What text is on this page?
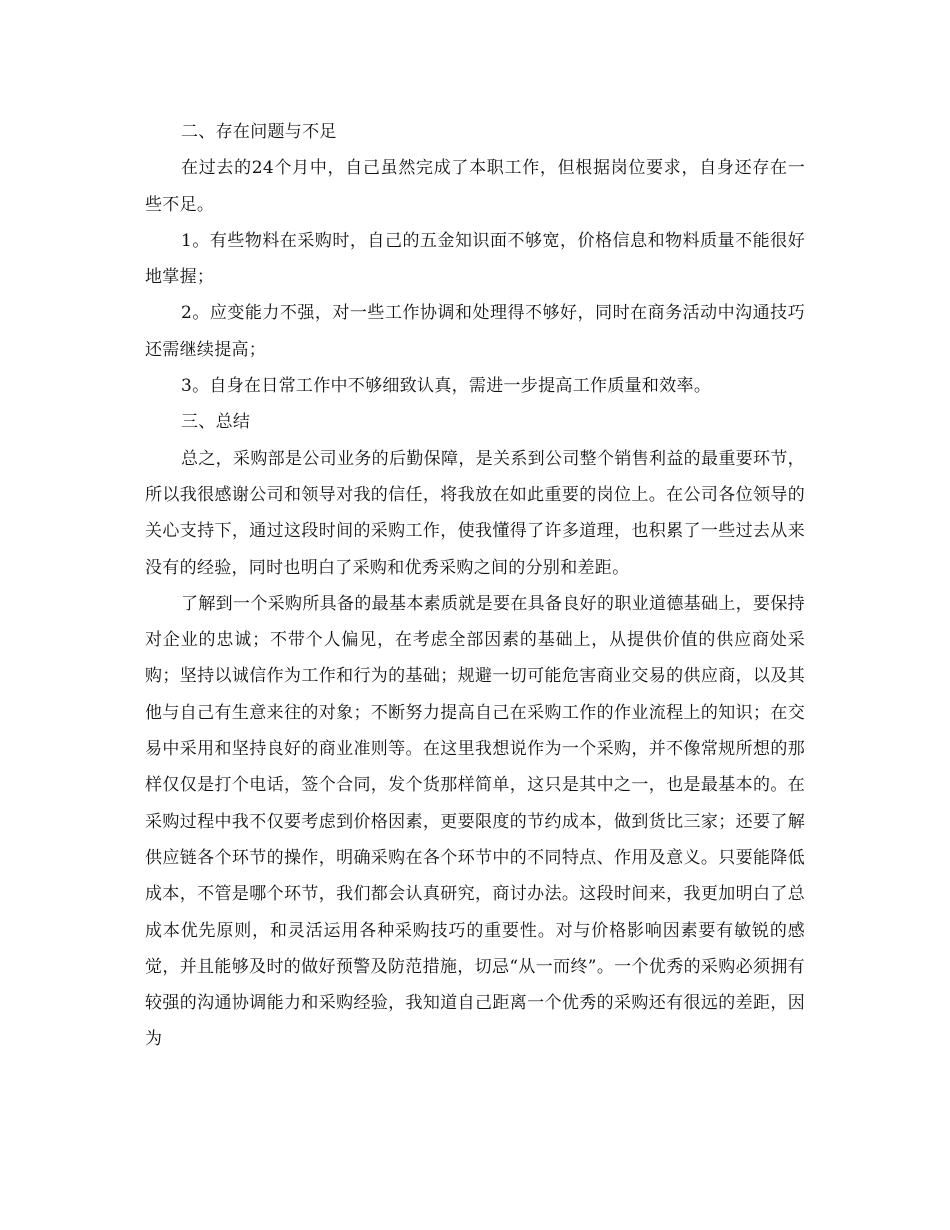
二、存在问题与不足

在过去的24个月中，自己虽然完成了本职工作，但根据岗位要求，自身还存在一些不足。

1。有些物料在采购时，自己的五金知识面不够宽，价格信息和物料质量不能很好地掌握；

2。应变能力不强，对一些工作协调和处理得不够好，同时在商务活动中沟通技巧还需继续提高；

3。自身在日常工作中不够细致认真，需进一步提高工作质量和效率。

三、总结

总之，采购部是公司业务的后勤保障，是关系到公司整个销售利益的最重要环节，所以我很感谢公司和领导对我的信任，将我放在如此重要的岗位上。在公司各位领导的关心支持下，通过这段时间的采购工作，使我懂得了许多道理，也积累了一些过去从来没有的经验，同时也明白了采购和优秀采购之间的分别和差距。

了解到一个采购所具备的最基本素质就是要在具备良好的职业道德基础上，要保持对企业的忠诚；不带个人偏见，在考虑全部因素的基础上，从提供价值的供应商处采购；坚持以诚信作为工作和行为的基础；规避一切可能危害商业交易的供应商，以及其他与自己有生意来往的对象；不断努力提高自己在采购工作的作业流程上的知识；在交易中采用和坚持良好的商业准则等。在这里我想说作为一个采购，并不像常规所想的那样仅仅是打个电话，签个合同，发个货那样简单，这只是其中之一，也是最基本的。在采购过程中我不仅要考虑到价格因素，更要限度的节约成本，做到货比三家；还要了解供应链各个环节的操作，明确采购在各个环节中的不同特点、作用及意义。只要能降低成本，不管是哪个环节，我们都会认真研究，商讨办法。这段时间来，我更加明白了总成本优先原则，和灵活运用各种采购技巧的重要性。对与价格影响因素要有敏锐的感觉，并且能够及时的做好预警及防范措施，切忌“从一而终”。一个优秀的采购必须拥有较强的沟通协调能力和采购经验，我知道自己距离一个优秀的采购还有很远的差距，因为
